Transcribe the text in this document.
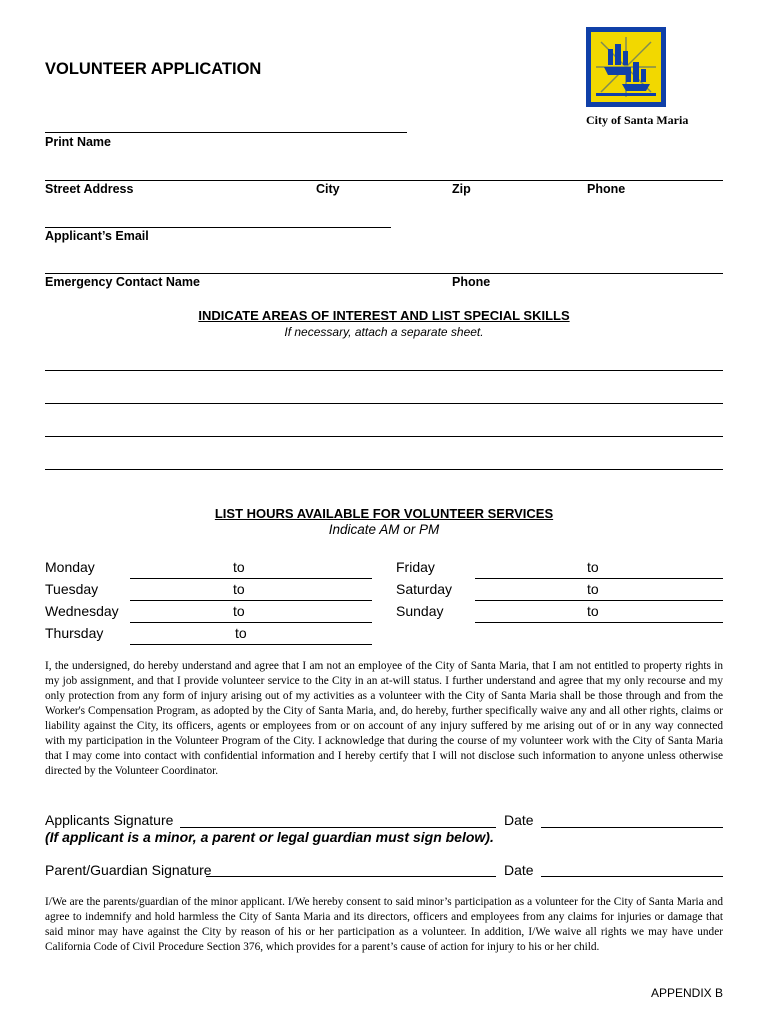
VOLUNTEER APPLICATION
City of Santa Maria
Print Name
Street Address	City	Zip	Phone
Applicant’s Email
Emergency Contact Name	Phone
INDICATE AREAS OF INTEREST AND LIST SPECIAL SKILLS
If necessary, attach a separate sheet.
LIST HOURS AVAILABLE FOR VOLUNTEER SERVICES
Indicate AM or PM
Monday	to
Tuesday	to
Wednesday	to
Thursday	to
Friday	to
Saturday	to
Sunday	to
I, the undersigned, do hereby understand and agree that I am not an employee of the City of Santa Maria, that I am not entitled to property rights in my job assignment, and that I provide volunteer service to the City in an at-will status. I further understand and agree that my only recourse and my only protection from any form of injury arising out of my activities as a volunteer with the City of Santa Maria shall be those through and from the Worker's Compensation Program, as adopted by the City of Santa Maria, and, do hereby, further specifically waive any and all other rights, claims or liability against the City, its officers, agents or employees from or on account of any injury suffered by me arising out of or in any way connected with my participation in the Volunteer Program of the City. I acknowledge that during the course of my volunteer work with the City of Santa Maria that I may come into contact with confidential information and I hereby certify that I will not disclose such information to anyone unless otherwise directed by the Volunteer Coordinator.
Applicants Signature	Date
(If applicant is a minor, a parent or legal guardian must sign below).
Parent/Guardian Signature	Date
I/We are the parents/guardian of the minor applicant. I/We hereby consent to said minor’s participation as a volunteer for the City of Santa Maria and agree to indemnify and hold harmless the City of Santa Maria and its directors, officers and employees from any claims for injuries or damage that said minor may have against the City by reason of his or her participation as a volunteer. In addition, I/We waive all rights we may have under California Code of Civil Procedure Section 376, which provides for a parent’s cause of action for injury to his or her child.
APPENDIX B
